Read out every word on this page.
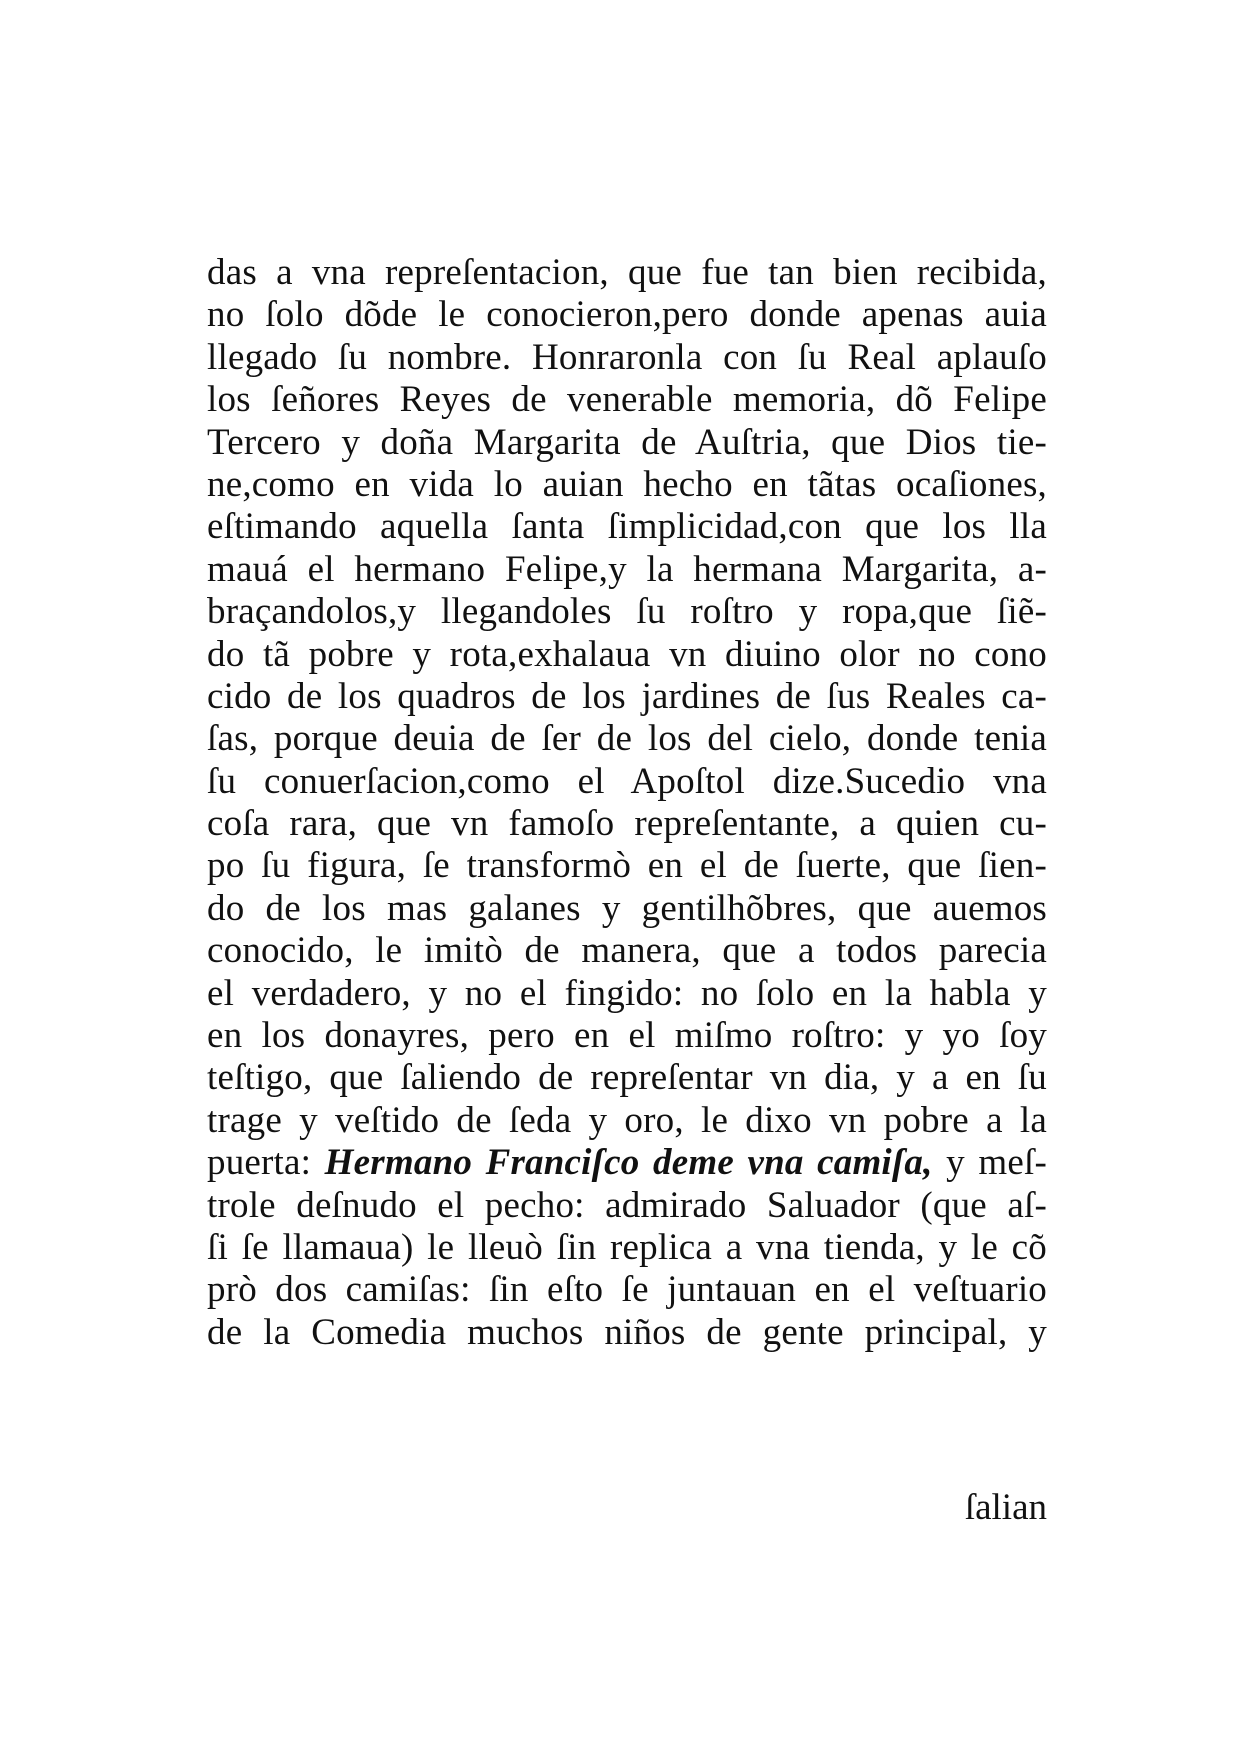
das a vna repreſentacion, que fue tan bien recibida,
no ſolo dõde le conocieron,pero donde apenas auia
llegado ſu nombre. Honraronla con ſu Real aplauſo
los ſeñores Reyes de venerable memoria, dõ Felipe
Tercero y doña Margarita de Auſtria, que Dios tie-
ne,como en vida lo auian hecho en tãtas ocaſiones,
eſtimando aquella ſanta ſimplicidad,con que los lla
mauá el hermano Felipe,y la hermana Margarita, a-
braçandolos,y llegandoles ſu roſtro y ropa,que ſiẽ-
do tã pobre y rota,exhalaua vn diuino olor no cono
cido de los quadros de los jardines de ſus Reales ca-
ſas, porque deuia de ſer de los del cielo, donde tenia
ſu conuerſacion,como el Apoſtol dize.Sucedio vna
coſa rara, que vn famoſo repreſentante, a quien cu-
po ſu figura, ſe transformò en el de ſuerte, que ſien-
do de los mas galanes y gentilhõbres, que auemos
conocido, le imitò de manera, que a todos parecia
el verdadero, y no el fingido: no ſolo en la habla y
en los donayres, pero en el miſmo roſtro: y yo ſoy
teſtigo, que ſaliendo de repreſentar vn dia, y a en ſu
trage y veſtido de ſeda y oro, le dixo vn pobre a la
puerta: Hermano Franciſco deme vna camiſa, y meſ-
trole deſnudo el pecho: admirado Saluador (que aſ-
ſi ſe llamaua) le lleuò ſin replica a vna tienda, y le cõ
prò dos camiſas: ſin eſto ſe juntauan en el veſtuario
de la Comedia muchos niños de gente principal, y
ſalian
